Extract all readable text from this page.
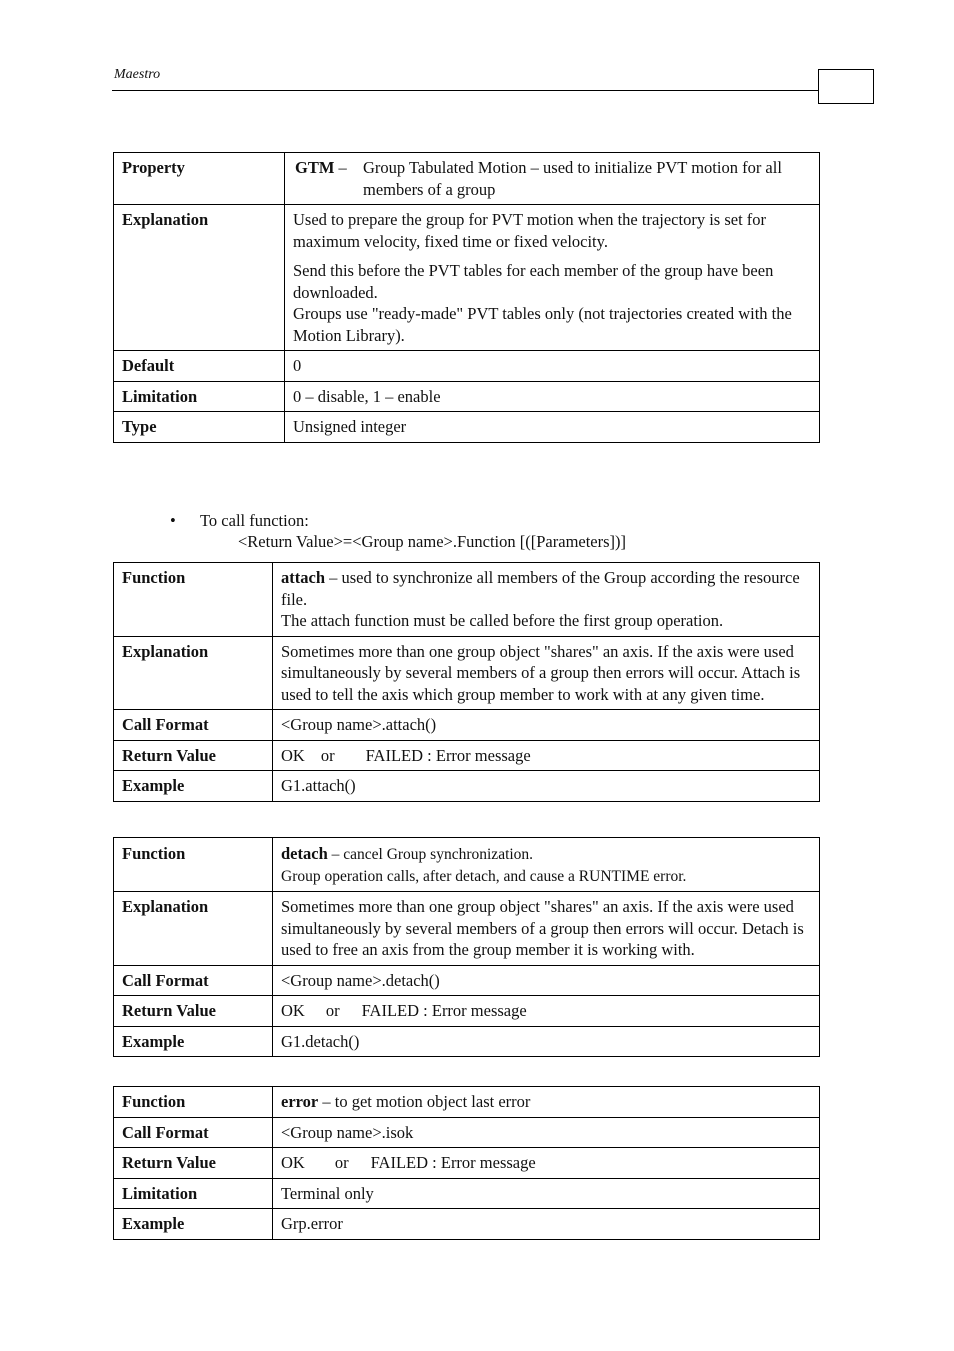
Maestro
Property	GTM – Group Tabulated Motion – used to initialize PVT motion for all members of a group

Explanation	Used to prepare the group for PVT motion when the trajectory is set for maximum velocity, fixed time or fixed velocity.

Send this before the PVT tables for each member of the group have been downloaded.

Groups use "ready-made" PVT tables only (not trajectories created with the Motion Library).

Default	0
Limitation	0 – disable, 1 – enable
Type	Unsigned integer
• To call function:
<Return Value>=<Group name>.Function [([Parameters])]
Function	attach – used to synchronize all members of the Group according the resource file.
The attach function must be called before the first group operation.

Explanation	Sometimes more than one group object "shares" an axis. If the axis were used simultaneously by several members of a group then errors will occur. Attach is used to tell the axis which group member to work with at any given time.
Call Format	<Group name>.attach()
Return Value	OK or FAILED : Error message
Example	G1.attach()
Function	detach – cancel Group synchronization.
Group operation calls, after detach, and cause a RUNTIME error.

Explanation	Sometimes more than one group object "shares" an axis. If the axis were used simultaneously by several members of a group then errors will occur. Detach is used to free an axis from the group member it is working with.
Call Format	<Group name>.detach()
Return Value	OK or FAILED : Error message
Example	G1.detach()
Function	error – to get motion object last error
Call Format	<Group name>.isok
Return Value	OK or FAILED : Error message
Limitation	Terminal only
Example	Grp.error
